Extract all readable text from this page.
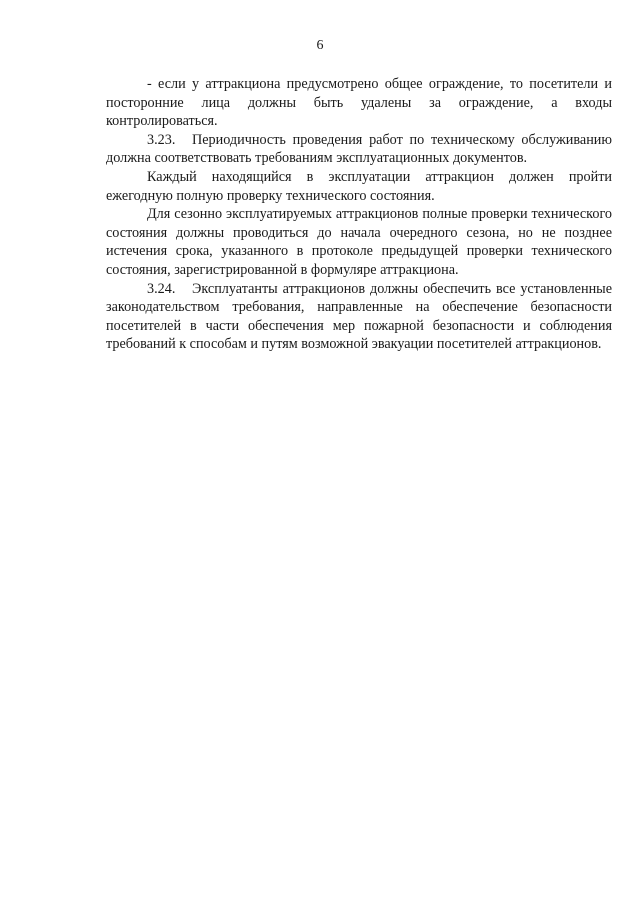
6

- если у аттракциона предусмотрено общее ограждение, то посетители и посторонние лица должны быть удалены за ограждение, а входы контролироваться.

3.23. Периодичность проведения работ по техническому обслуживанию должна соответствовать требованиям эксплуатационных документов.

Каждый находящийся в эксплуатации аттракцион должен пройти ежегодную полную проверку технического состояния.

Для сезонно эксплуатируемых аттракционов полные проверки технического состояния должны проводиться до начала очередного сезона, но не позднее истечения срока, указанного в протоколе предыдущей проверки технического состояния, зарегистрированной в формуляре аттракциона.

3.24. Эксплуатанты аттракционов должны обеспечить все установленные законодательством требования, направленные на обеспечение безопасности посетителей в части обеспечения мер пожарной безопасности и соблюдения требований к способам и путям возможной эвакуации посетителей аттракционов.
